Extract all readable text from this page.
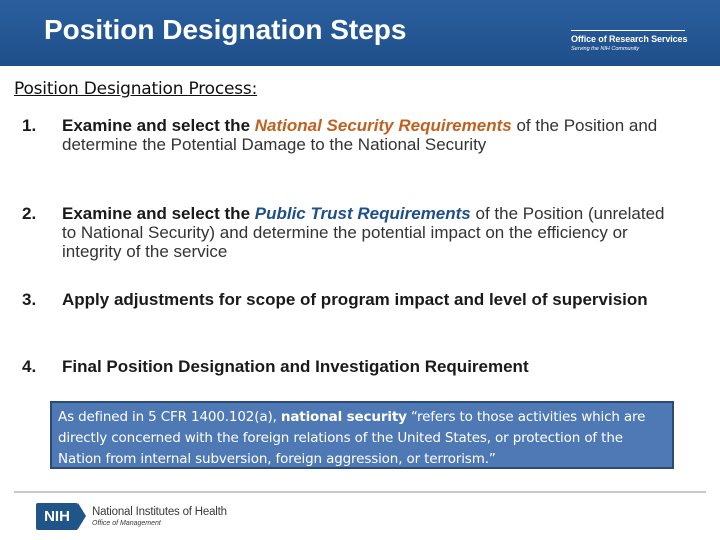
Position Designation Steps	Office of Research Services
Serving the NIH Community
Position Designation Process:
1. Examine and select the National Security Requirements of the Position and determine the Potential Damage to the National Security
2. Examine and select the Public Trust Requirements of the Position (unrelated to National Security) and determine the potential impact on the efficiency or integrity of the service
3. Apply adjustments for scope of program impact and level of supervision
4. Final Position Designation and Investigation Requirement
As defined in 5 CFR 1400.102(a), national security “refers to those activities which are directly concerned with the foreign relations of the United States, or protection of the Nation from internal subversion, foreign aggression, or terrorism.”
NIH	National Institutes of Health
Office of Management
